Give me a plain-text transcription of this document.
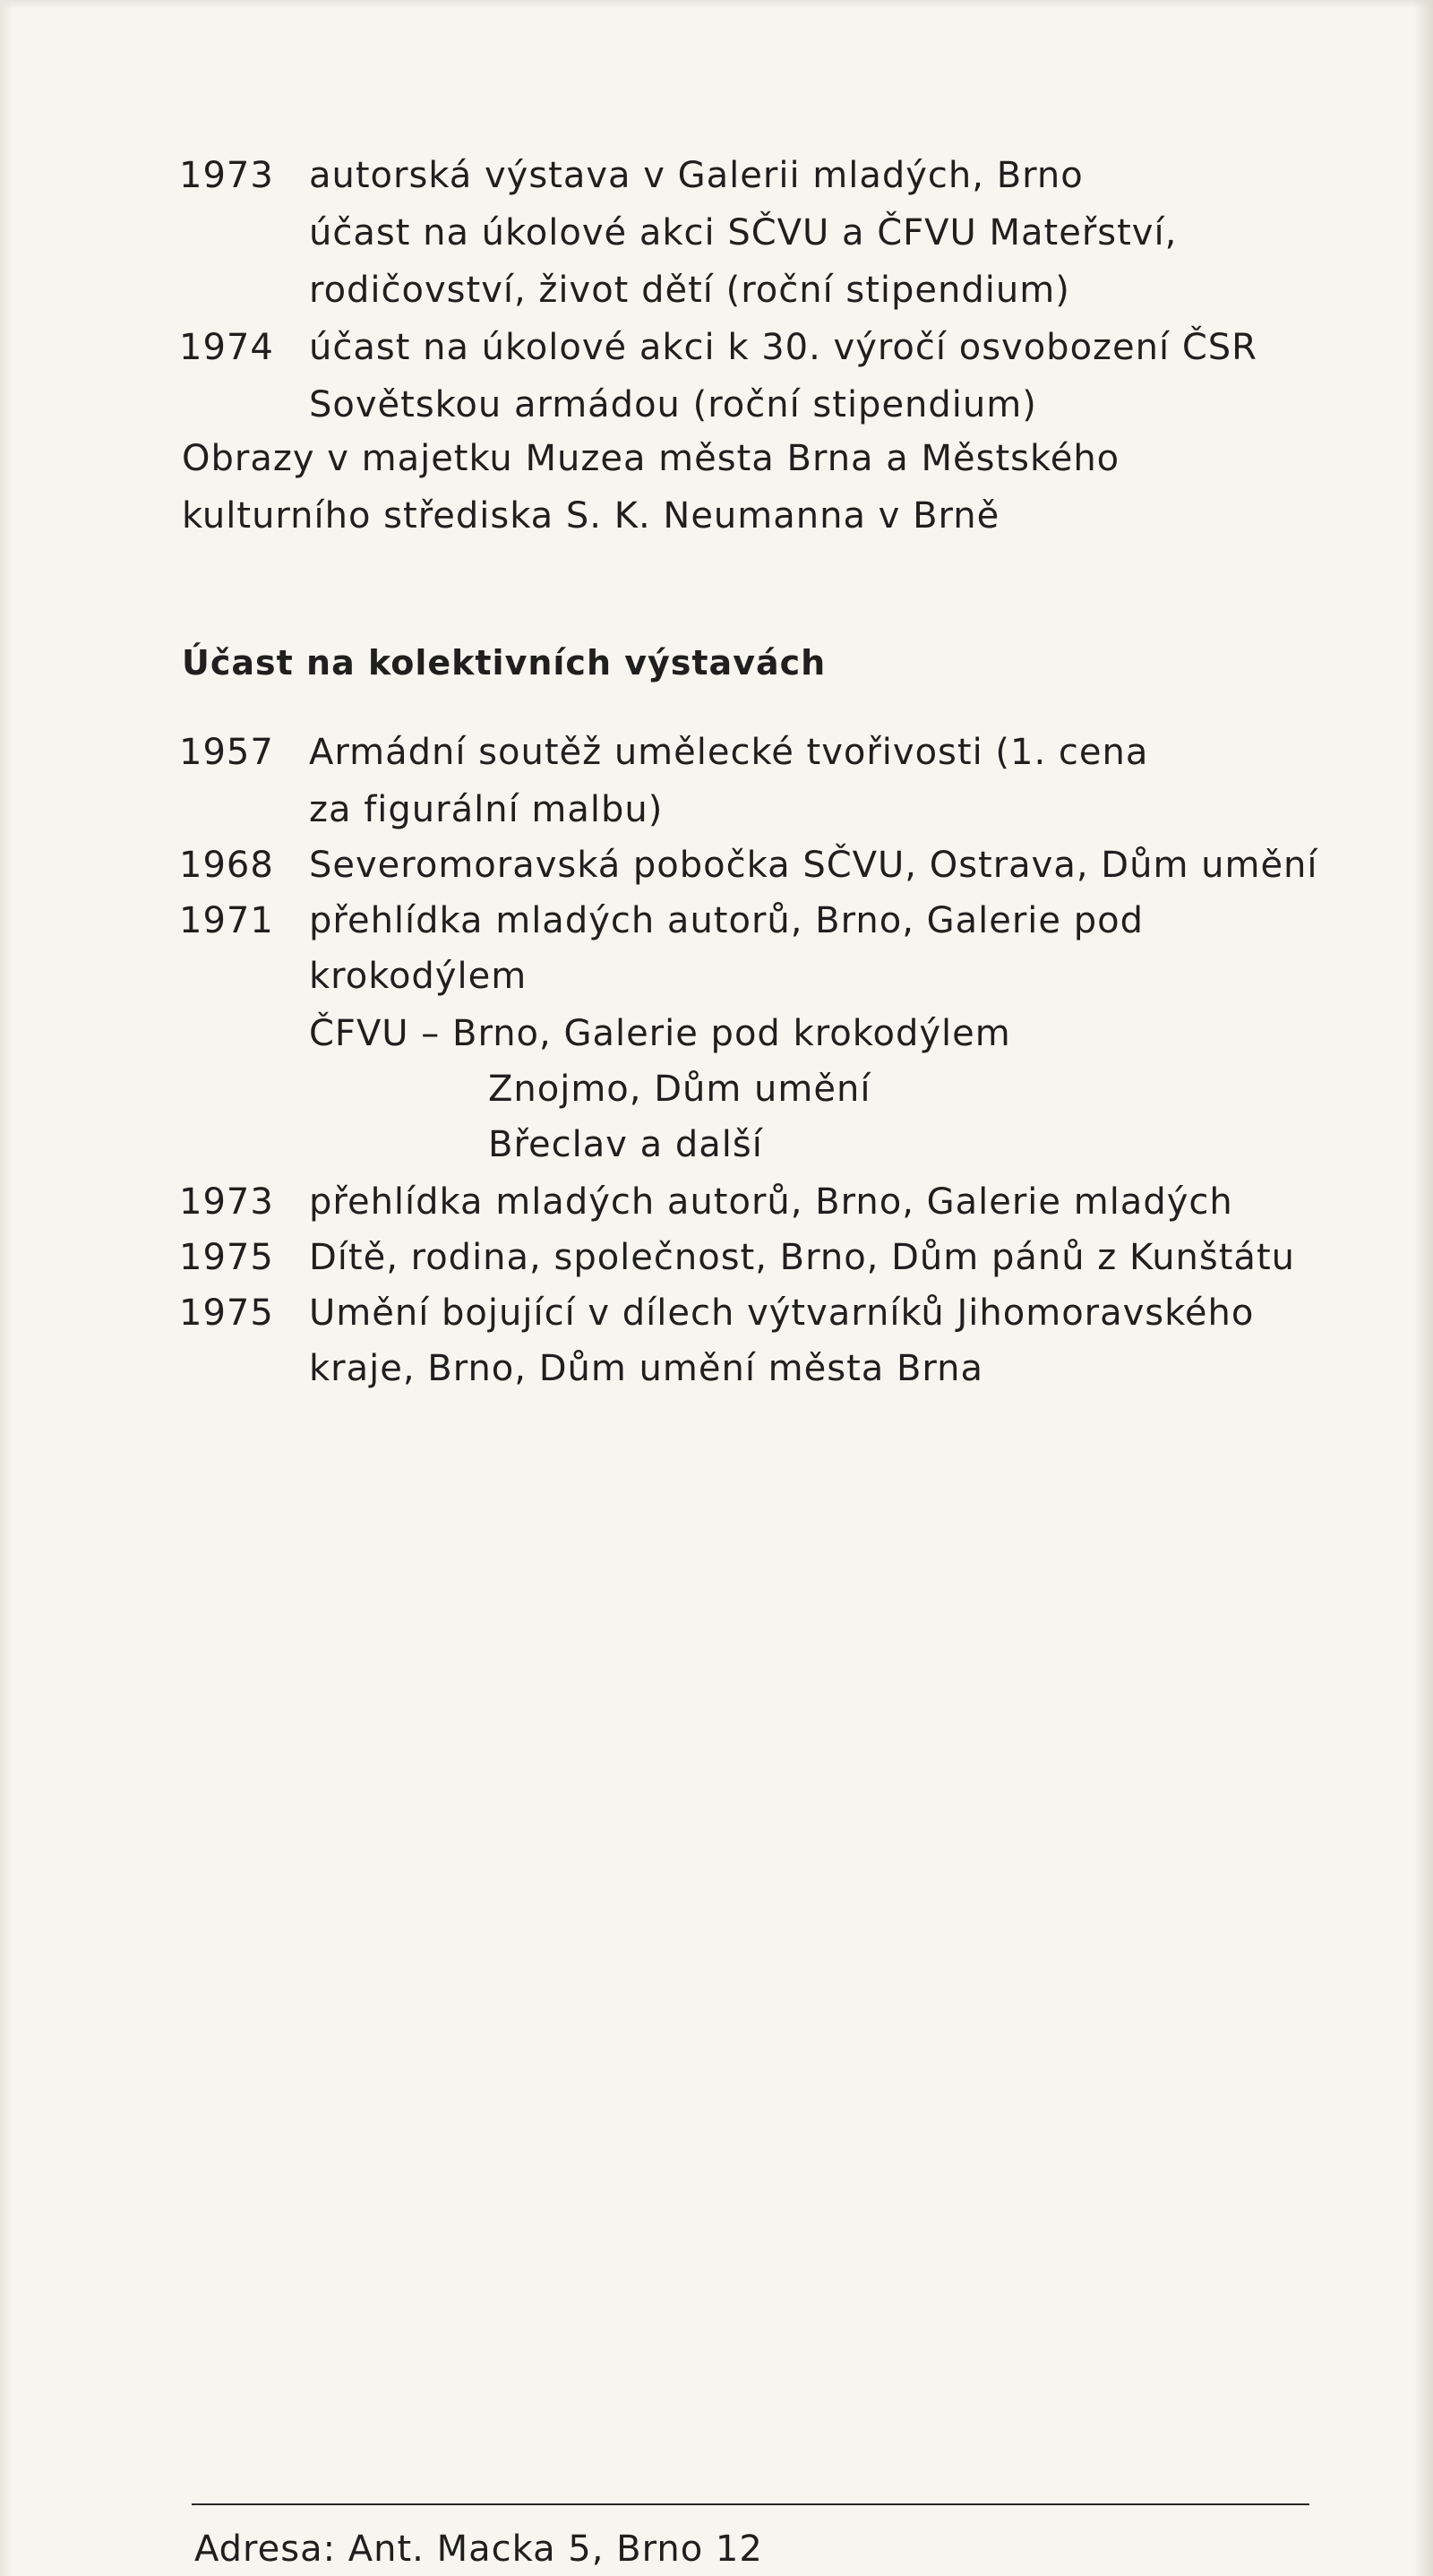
1973 autorská výstava v Galerii mladých, Brno
účast na úkolové akci SČVU a ČFVU Mateřství,
rodičovství, život dětí (roční stipendium)
1974 účast na úkolové akci k 30. výročí osvobození ČSR
Sovětskou armádou (roční stipendium)
Obrazy v majetku Muzea města Brna a Městského
kulturního střediska S. K. Neumanna v Brně
Účast na kolektivních výstavách
1957 Armádní soutěž umělecké tvořivosti (1. cena
za figurální malbu)
1968 Severomoravská pobočka SČVU, Ostrava, Dům umění
1971 přehlídka mladých autorů, Brno, Galerie pod
krokodýlem
ČFVU – Brno, Galerie pod krokodýlem
Znojmo, Dům umění
Břeclav a další
1973 přehlídka mladých autorů, Brno, Galerie mladých
1975 Dítě, rodina, společnost, Brno, Dům pánů z Kunštátu
1975 Umění bojující v dílech výtvarníků Jihomoravského
kraje, Brno, Dům umění města Brna
Adresa: Ant. Macka 5, Brno 12
